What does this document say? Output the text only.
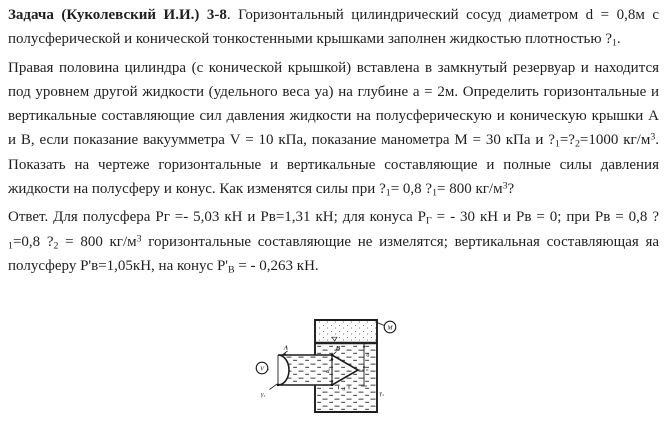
Задача (Куколевский И.И.) 3-8. Горизонтальный цилиндрический сосуд диаметром d = 0,8м с полусферической и конической тонкостенными крышками заполнен жидкостью плотностью $?_1$.

Правая половина цилиндра (с конической крышкой) вставлена в замкнутый резервуар и находится под уровнем другой жидкости (удельного веса уа) на глубине а = 2м. Определить горизонтальные и вертикальные составляющие сил давления жидкости на полусферическую и коническую крышки А и В, если показание вакуумметра V = 10 кПа, показание манометра М = 30 кПа и $?_1=?_2=1000$ $кг/м^3$. Показать на чертеже горизонтальные и вертикальные составляющие и полные силы давления жидкости на полусферу и конус. Как изменятся силы при $?_1= 0,8$ $?_1= 800$ $кг/м^3$?

Ответ. Для полусфера Рг =- 5,03 кН и Рв=1,31 кН; для конуса $Р_Г$ = - 30 кН и Рв = 0; при Рв = 0,8 $?_1=0,8$ $?_2 = 800$ $кг/м^3$ горизонтальные составляющие не измелятся; вертикальная составляющая яа полусферу Р'в=1,05кН, на конус $Р'_В$ = - 0,263 кН.

V
M
A	B
d
d
a
γ₁	γ₂
